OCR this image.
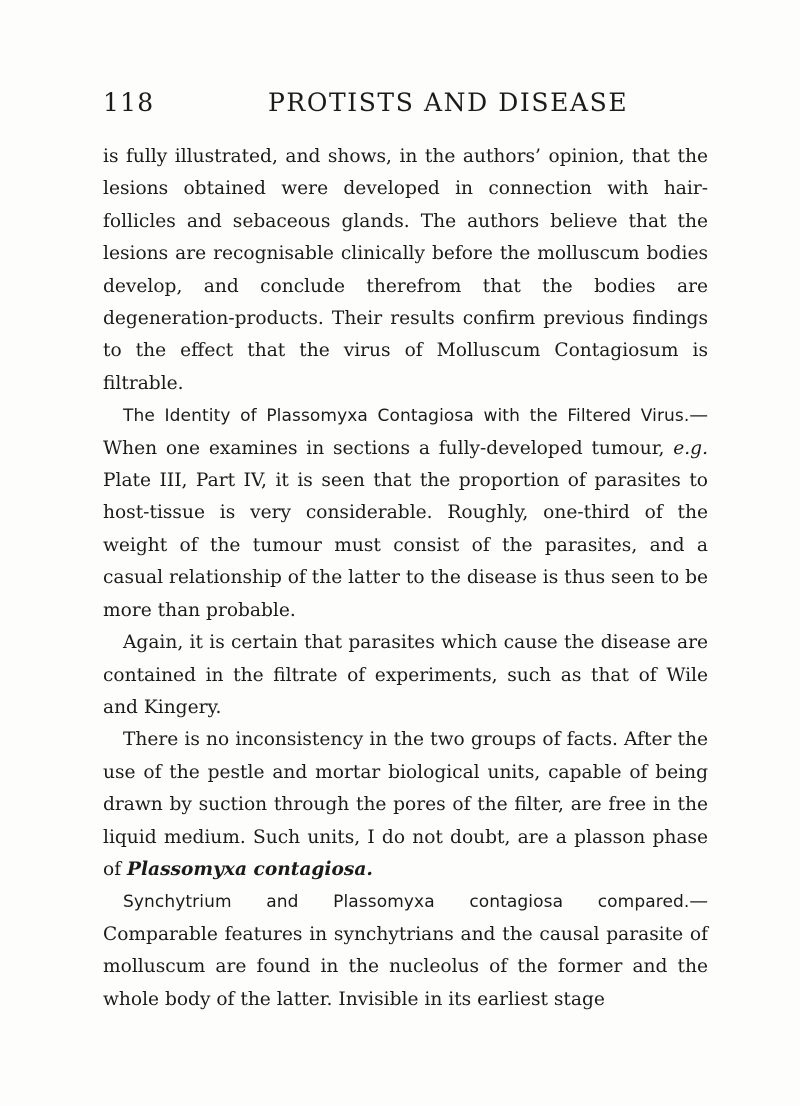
118	PROTISTS AND DISEASE

is fully illustrated, and shows, in the authors’ opinion, that the lesions obtained were developed in connection with hair-follicles and sebaceous glands. The authors believe that the lesions are recognisable clinically before the molluscum bodies develop, and conclude therefrom that the bodies are degeneration-products. Their results confirm previous findings to the effect that the virus of Molluscum Contagiosum is filtrable.

The Identity of Plassomyxa Contagiosa with the Filtered Virus.—When one examines in sections a fully-developed tumour, e.g. Plate III, Part IV, it is seen that the proportion of parasites to host-tissue is very considerable. Roughly, one-third of the weight of the tumour must consist of the parasites, and a casual relationship of the latter to the disease is thus seen to be more than probable.

Again, it is certain that parasites which cause the disease are contained in the filtrate of experiments, such as that of Wile and Kingery.

There is no inconsistency in the two groups of facts. After the use of the pestle and mortar biological units, capable of being drawn by suction through the pores of the filter, are free in the liquid medium. Such units, I do not doubt, are a plasson phase of Plassomyxa contagiosa.

Synchytrium and Plassomyxa contagiosa compared.— Comparable features in synchytrians and the causal parasite of molluscum are found in the nucleolus of the former and the whole body of the latter. Invisible in its earliest stage
